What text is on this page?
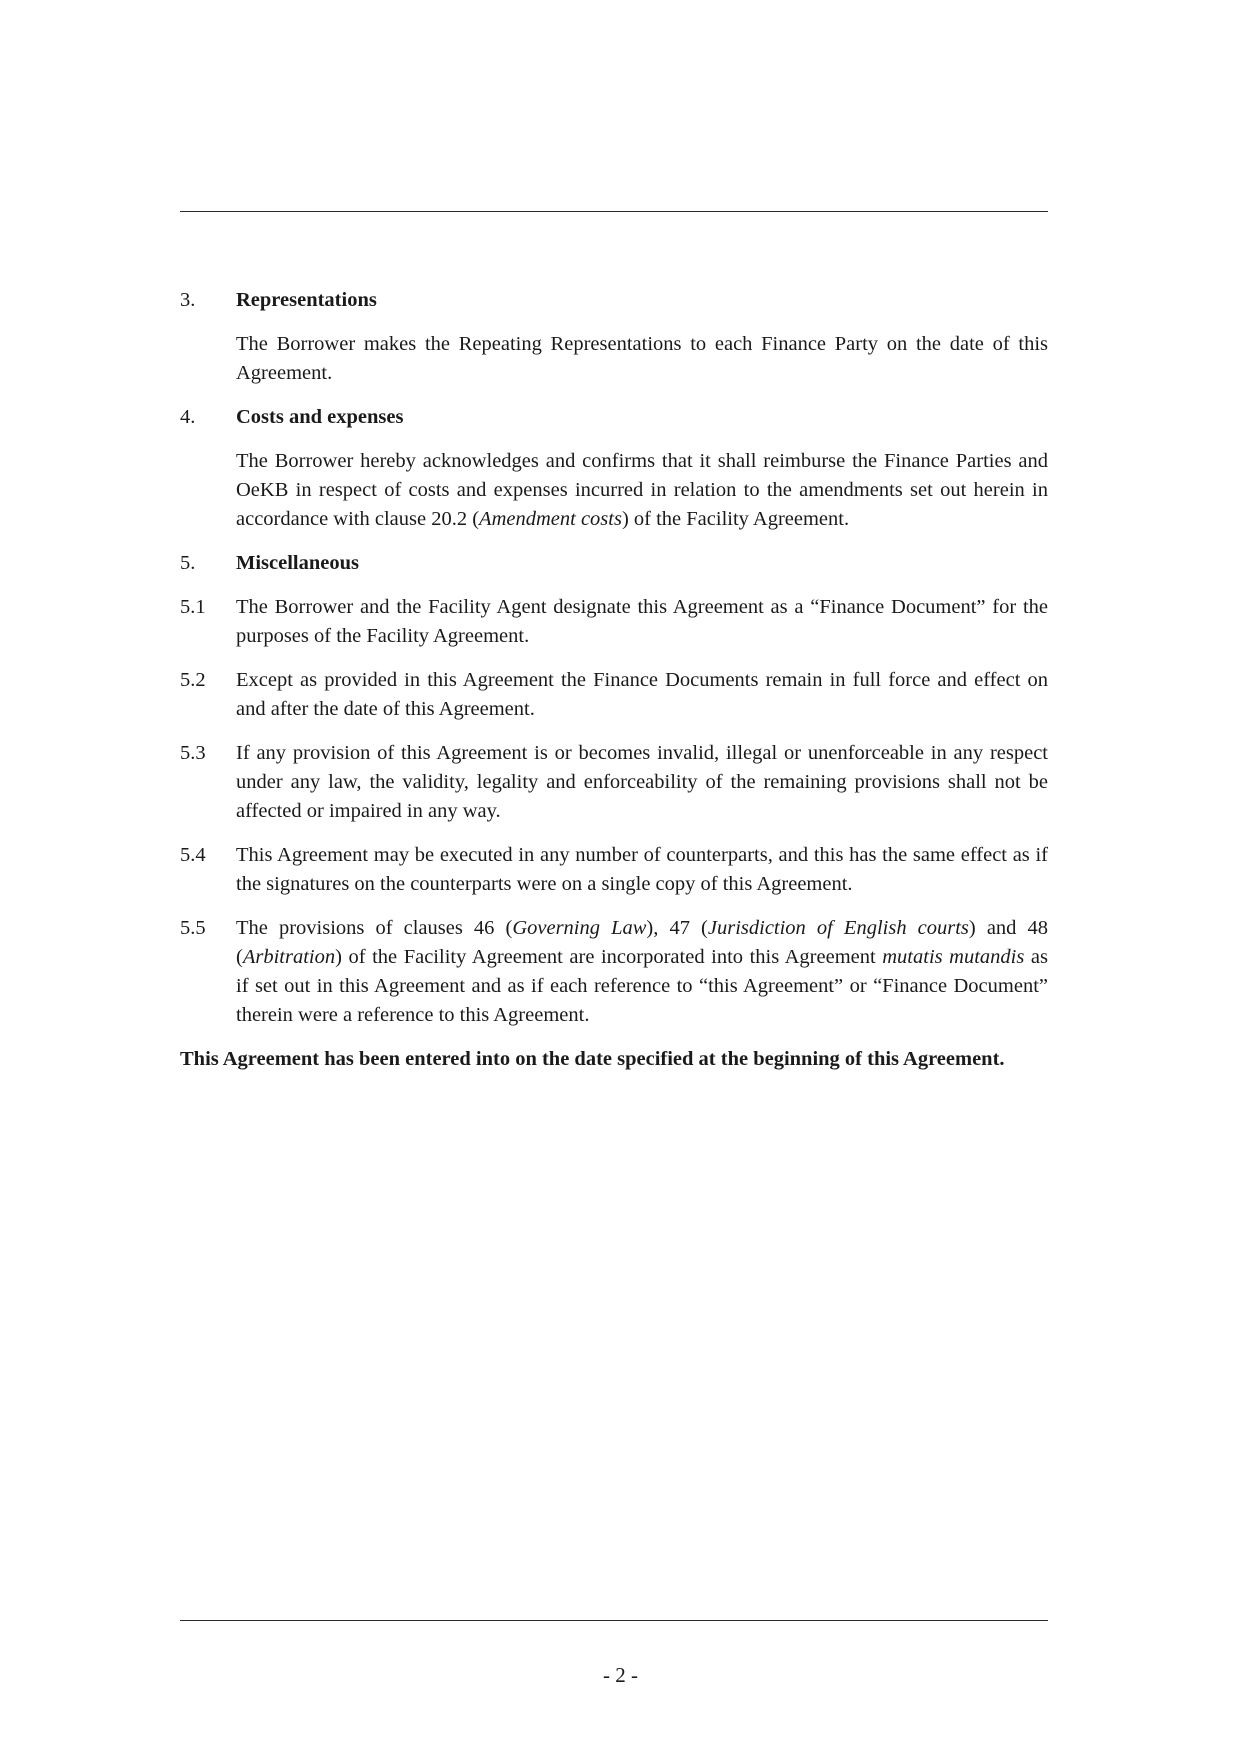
3.	Representations
The Borrower makes the Repeating Representations to each Finance Party on the date of this Agreement.
4.	Costs and expenses
The Borrower hereby acknowledges and confirms that it shall reimburse the Finance Parties and OeKB in respect of costs and expenses incurred in relation to the amendments set out herein in accordance with clause 20.2 (Amendment costs) of the Facility Agreement.
5.	Miscellaneous
5.1	The Borrower and the Facility Agent designate this Agreement as a “Finance Document” for the purposes of the Facility Agreement.
5.2	Except as provided in this Agreement the Finance Documents remain in full force and effect on and after the date of this Agreement.
5.3	If any provision of this Agreement is or becomes invalid, illegal or unenforceable in any respect under any law, the validity, legality and enforceability of the remaining provisions shall not be affected or impaired in any way.
5.4	This Agreement may be executed in any number of counterparts, and this has the same effect as if the signatures on the counterparts were on a single copy of this Agreement.
5.5	The provisions of clauses 46 (Governing Law), 47 (Jurisdiction of English courts) and 48 (Arbitration) of the Facility Agreement are incorporated into this Agreement mutatis mutandis as if set out in this Agreement and as if each reference to “this Agreement” or “Finance Document” therein were a reference to this Agreement.
This Agreement has been entered into on the date specified at the beginning of this Agreement.
- 2 -
